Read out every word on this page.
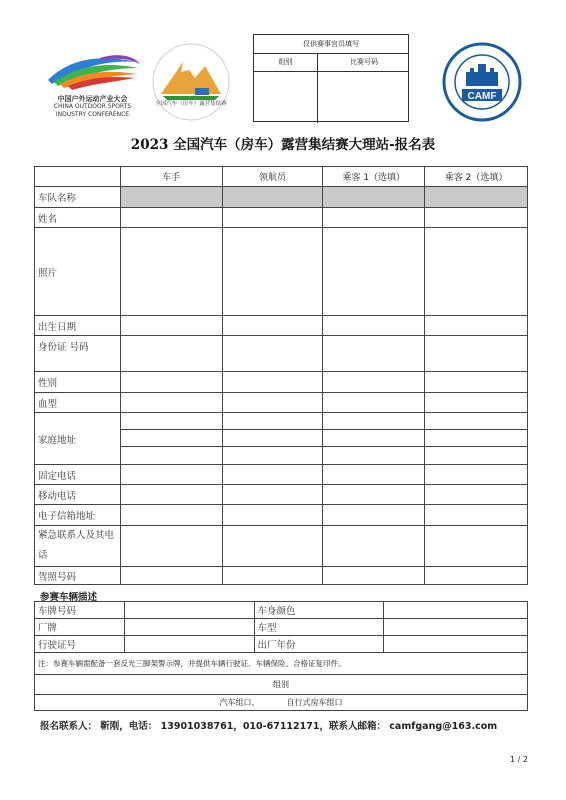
中国户外运动产业大会
CHINA OUTDOOR SPORTS
INDUSTRY CONFERENCE
全国汽车（房车）露营集结赛
仅供赛事官员填写
组别	比赛号码
CAMF
2023 全国汽车（房车）露营集结赛大理站-报名表
	车手	领航员	乘客 1（选填）	乘客 2（选填）
车队名称				
姓名				
照片				
出生日期				
身份证 号码				
性别				
血型				
家庭地址				

固定电话				
移动电话				
电子信箱地址				
紧急联系人及其电话				
驾照号码				
参赛车辆描述
车牌号码		车身颜色	
厂牌		车型	
行驶证号		出厂年份	
注：参赛车辆需配备一套反光三脚架警示牌，并提供车辆行驶证、车辆保险、合格证复印件。			
组别			
汽车组口、 自行式房车组口			
报名联系人： 靳刚，电话： 13901038761，010-67112171，联系人邮箱： camfgang@163.com
1 / 2
